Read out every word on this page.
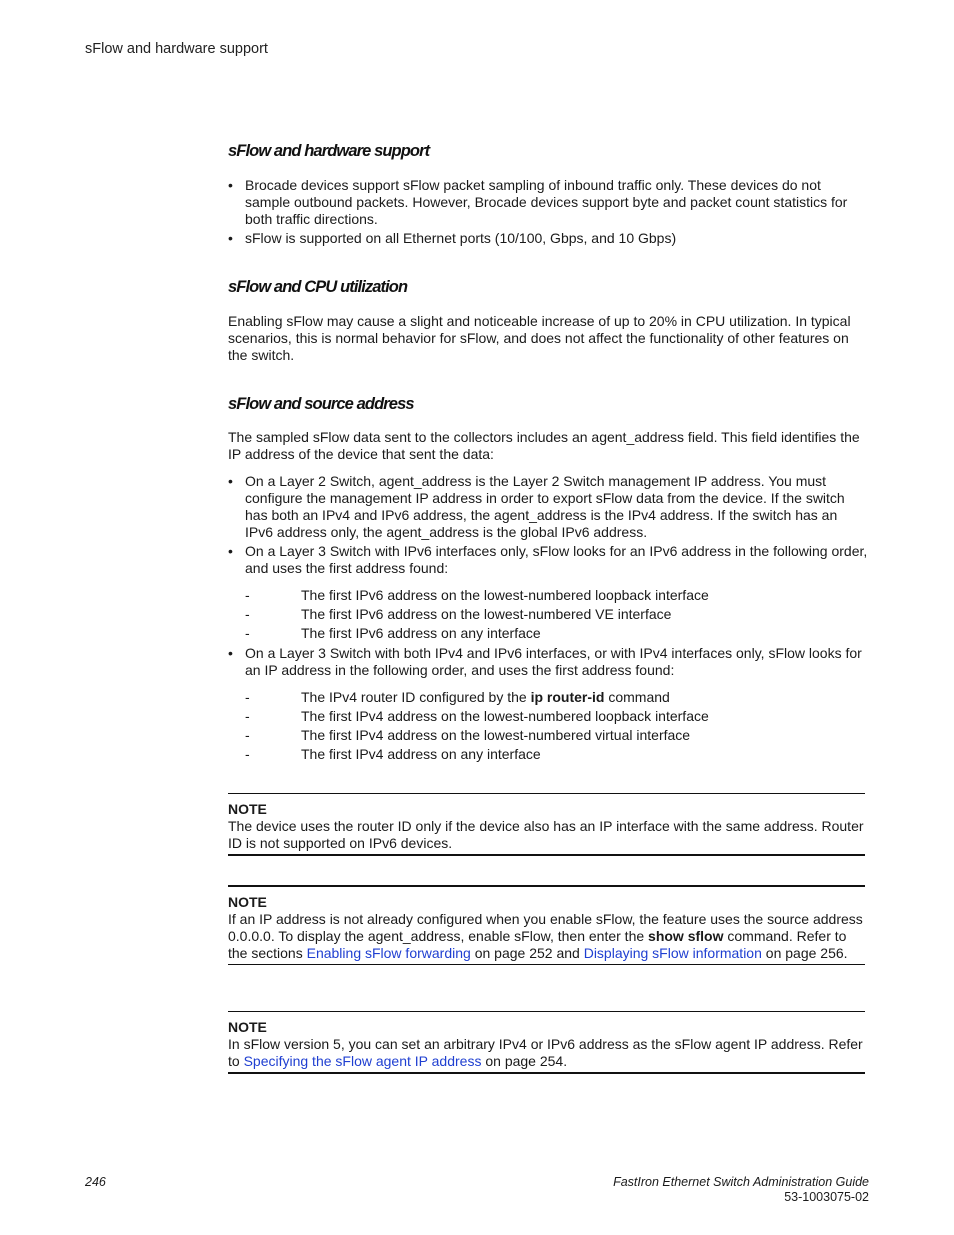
sFlow and hardware support
sFlow and hardware support
• Brocade devices support sFlow packet sampling of inbound traffic only. These devices do not sample outbound packets. However, Brocade devices support byte and packet count statistics for both traffic directions.
• sFlow is supported on all Ethernet ports (10/100, Gbps, and 10 Gbps)
sFlow and CPU utilization

Enabling sFlow may cause a slight and noticeable increase of up to 20% in CPU utilization. In typical scenarios, this is normal behavior for sFlow, and does not affect the functionality of other features on the switch.

sFlow and source address

The sampled sFlow data sent to the collectors includes an agent_address field. This field identifies the IP address of the device that sent the data:

• On a Layer 2 Switch, agent_address is the Layer 2 Switch management IP address. You must configure the management IP address in order to export sFlow data from the device. If the switch has both an IPv4 and IPv6 address, the agent_address is the IPv4 address. If the switch has an IPv6 address only, the agent_address is the global IPv6 address.
• On a Layer 3 Switch with IPv6 interfaces only, sFlow looks for an IPv6 address in the following order, and uses the first address found:
- The first IPv6 address on the lowest-numbered loopback interface
- The first IPv6 address on the lowest-numbered VE interface
- The first IPv6 address on any interface
• On a Layer 3 Switch with both IPv4 and IPv6 interfaces, or with IPv4 interfaces only, sFlow looks for an IP address in the following order, and uses the first address found:
- The IPv4 router ID configured by the ip router-id command
- The first IPv4 address on the lowest-numbered loopback interface
- The first IPv4 address on the lowest-numbered virtual interface
- The first IPv4 address on any interface
NOTE
The device uses the router ID only if the device also has an IP interface with the same address. Router ID is not supported on IPv6 devices.
NOTE
If an IP address is not already configured when you enable sFlow, the feature uses the source address 0.0.0.0. To display the agent_address, enable sFlow, then enter the show sflow command. Refer to the sections Enabling sFlow forwarding on page 252 and Displaying sFlow information on page 256.
NOTE
In sFlow version 5, you can set an arbitrary IPv4 or IPv6 address as the sFlow agent IP address. Refer to Specifying the sFlow agent IP address on page 254.
246	FastIron Ethernet Switch Administration Guide
53-1003075-02
